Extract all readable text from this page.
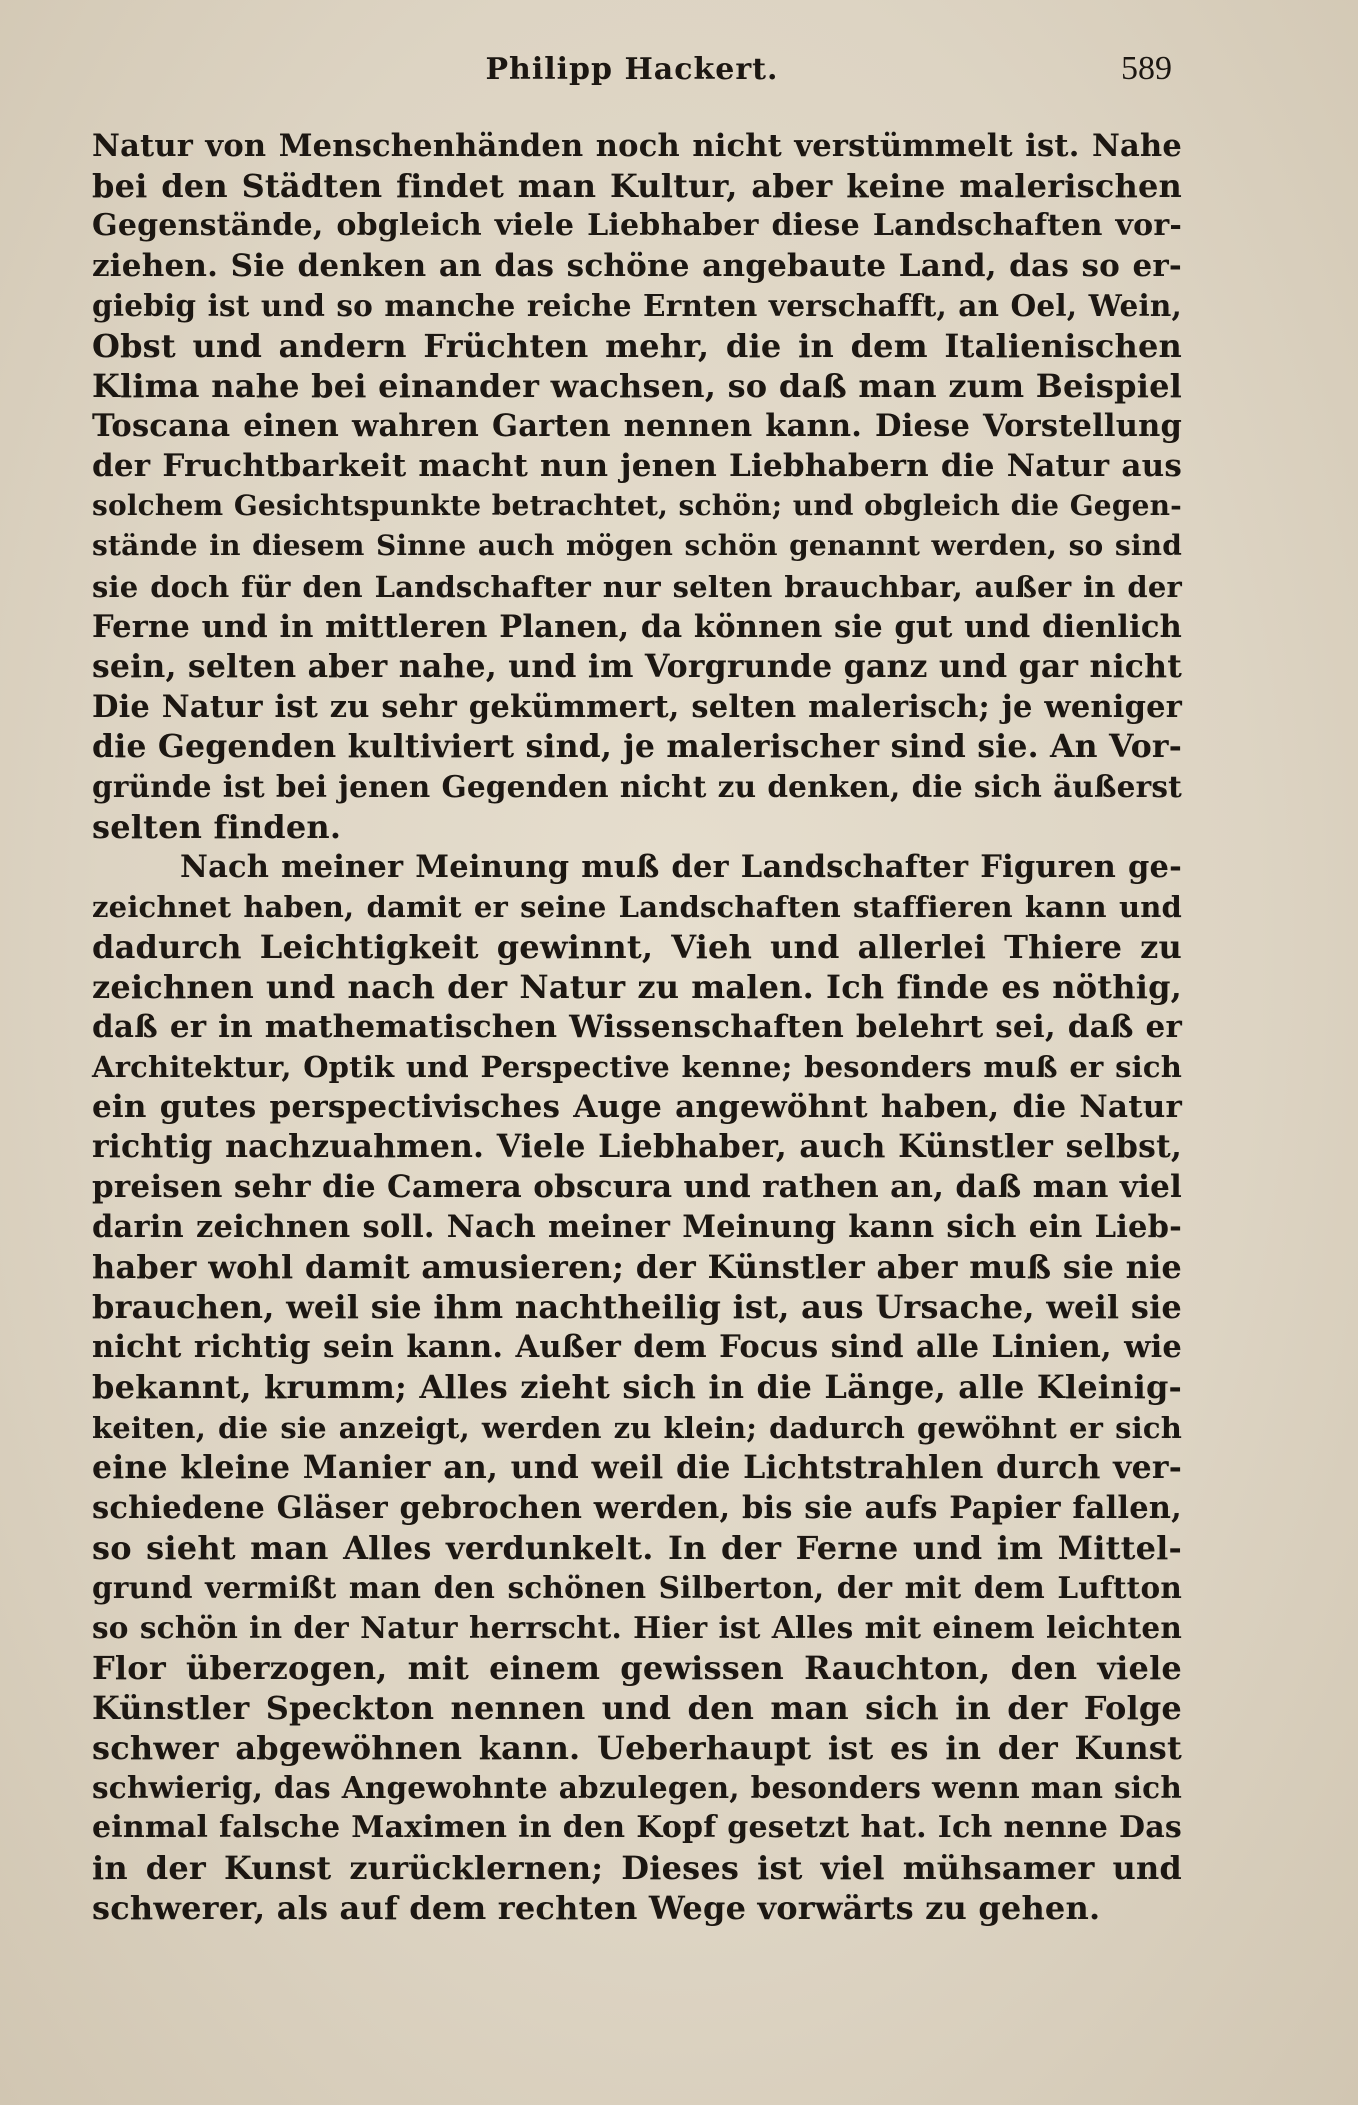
Philipp Hackert.	589
Natur von Menschenhänden noch nicht verstümmelt ist. Nahe
bei den Städten findet man Kultur, aber keine malerischen
Gegenstände, obgleich viele Liebhaber diese Landschaften vor-
ziehen. Sie denken an das schöne angebaute Land, das so er-
giebig ist und so manche reiche Ernten verschafft, an Oel, Wein,
Obst und andern Früchten mehr, die in dem Italienischen
Klima nahe bei einander wachsen, so daß man zum Beispiel
Toscana einen wahren Garten nennen kann. Diese Vorstellung
der Fruchtbarkeit macht nun jenen Liebhabern die Natur aus
solchem Gesichtspunkte betrachtet, schön; und obgleich die Gegen-
stände in diesem Sinne auch mögen schön genannt werden, so sind
sie doch für den Landschafter nur selten brauchbar, außer in der
Ferne und in mittleren Planen, da können sie gut und dienlich
sein, selten aber nahe, und im Vorgrunde ganz und gar nicht
Die Natur ist zu sehr gekümmert, selten malerisch; je weniger
die Gegenden kultiviert sind, je malerischer sind sie. An Vor-
gründe ist bei jenen Gegenden nicht zu denken, die sich äußerst
selten finden.
Nach meiner Meinung muß der Landschafter Figuren ge-
zeichnet haben, damit er seine Landschaften staffieren kann und
dadurch Leichtigkeit gewinnt, Vieh und allerlei Thiere zu
zeichnen und nach der Natur zu malen. Ich finde es nöthig,
daß er in mathematischen Wissenschaften belehrt sei, daß er
Architektur, Optik und Perspective kenne; besonders muß er sich
ein gutes perspectivisches Auge angewöhnt haben, die Natur
richtig nachzuahmen. Viele Liebhaber, auch Künstler selbst,
preisen sehr die Camera obscura und rathen an, daß man viel
darin zeichnen soll. Nach meiner Meinung kann sich ein Lieb-
haber wohl damit amusieren; der Künstler aber muß sie nie
brauchen, weil sie ihm nachtheilig ist, aus Ursache, weil sie
nicht richtig sein kann. Außer dem Focus sind alle Linien, wie
bekannt, krumm; Alles zieht sich in die Länge, alle Kleinig-
keiten, die sie anzeigt, werden zu klein; dadurch gewöhnt er sich
eine kleine Manier an, und weil die Lichtstrahlen durch ver-
schiedene Gläser gebrochen werden, bis sie aufs Papier fallen,
so sieht man Alles verdunkelt. In der Ferne und im Mittel-
grund vermißt man den schönen Silberton, der mit dem Luftton
so schön in der Natur herrscht. Hier ist Alles mit einem leichten
Flor überzogen, mit einem gewissen Rauchton, den viele
Künstler Speckton nennen und den man sich in der Folge
schwer abgewöhnen kann. Ueberhaupt ist es in der Kunst
schwierig, das Angewohnte abzulegen, besonders wenn man sich
einmal falsche Maximen in den Kopf gesetzt hat. Ich nenne Das
in der Kunst zurücklernen; Dieses ist viel mühsamer und
schwerer, als auf dem rechten Wege vorwärts zu gehen.
